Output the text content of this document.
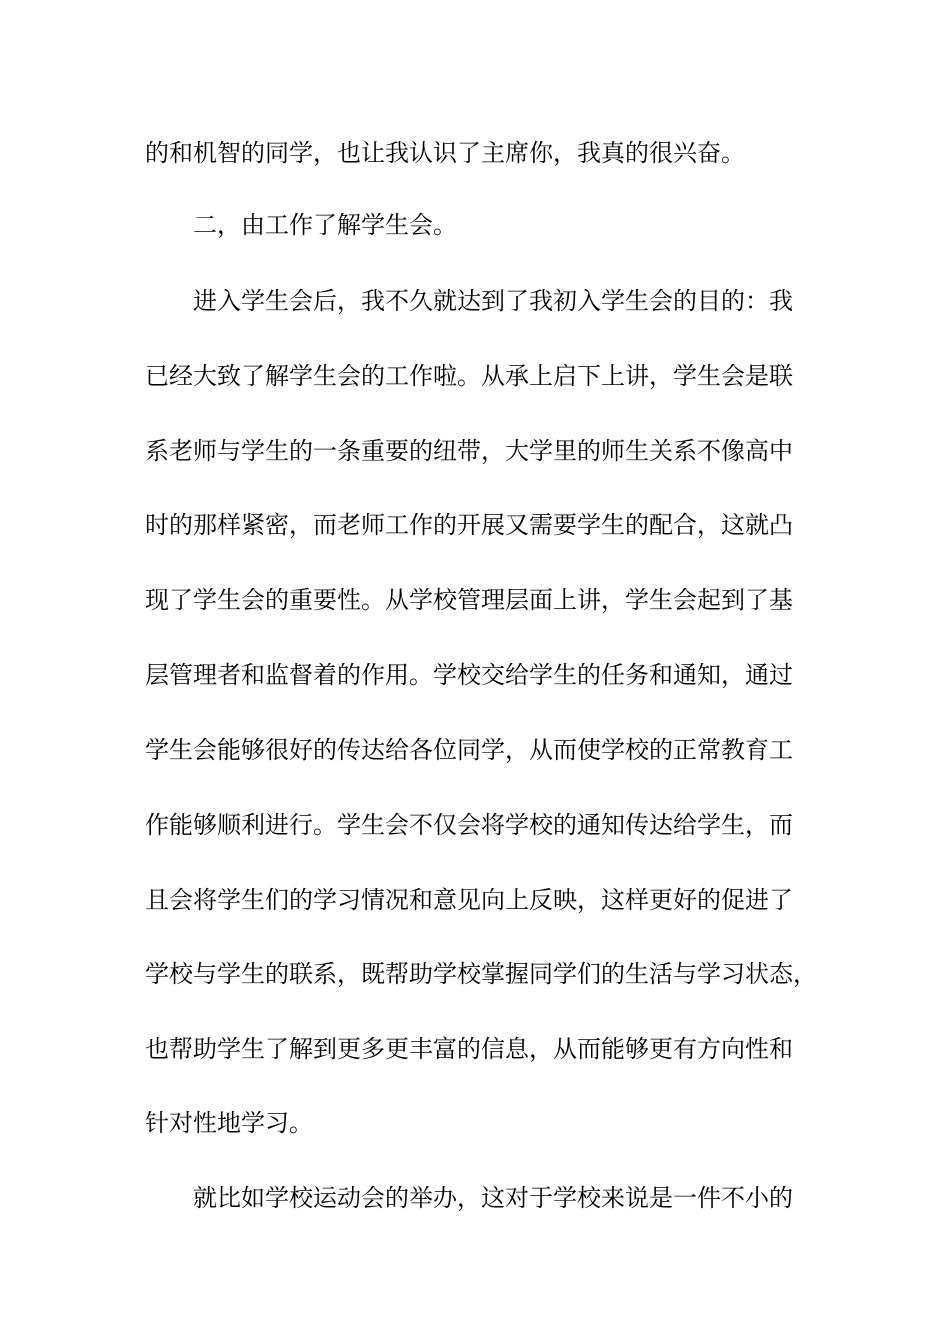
的和机智的同学，也让我认识了主席你，我真的很兴奋。
二，由工作了解学生会。
进入学生会后，我不久就达到了我初入学生会的目的：我
已经大致了解学生会的工作啦。从承上启下上讲，学生会是联
系老师与学生的一条重要的纽带，大学里的师生关系不像高中
时的那样紧密，而老师工作的开展又需要学生的配合，这就凸
现了学生会的重要性。从学校管理层面上讲，学生会起到了基
层管理者和监督着的作用。学校交给学生的任务和通知，通过
学生会能够很好的传达给各位同学，从而使学校的正常教育工
作能够顺利进行。学生会不仅会将学校的通知传达给学生，而
且会将学生们的学习情况和意见向上反映，这样更好的促进了
学校与学生的联系，既帮助学校掌握同学们的生活与学习状态，
也帮助学生了解到更多更丰富的信息，从而能够更有方向性和
针对性地学习。
就比如学校运动会的举办，这对于学校来说是一件不小的
